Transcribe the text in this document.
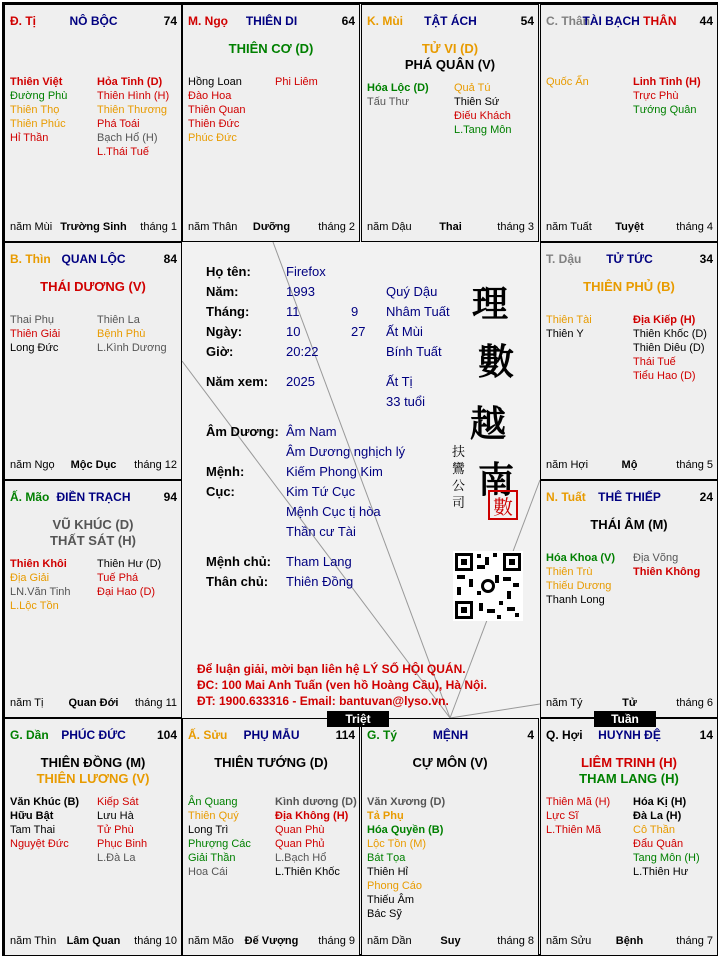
Đ. Tị	NÔ BỘC	74
Thiên Việt
Đường Phù
Thiên Thọ
Thiên Phúc
Hỉ Thần
Hỏa Tinh (D)
Thiên Hình (H)
Thiên Thương
Phá Toái
Bạch Hổ (H)
L.Thái Tuế
năm Mùi Trường Sinh	tháng 1
M. Ngọ	THIÊN DI	64
THIÊN CƠ (D)
Hồng Loan
Đào Hoa
Thiên Quan
Thiên Đức
Phúc Đức
Phi Liêm
năm Thân	Dưỡng	tháng 2
K. Mùi	TẬT ÁCH	54
TỬ VI (D)
PHÁ QUÂN (V)
Hóa Lộc (D)
Tấu Thư
Quả Tú
Thiên Sứ
Điếu Khách
L.Tang Môn
năm Dậu	Thai	tháng 3
C. Thân
TÀI BẠCH THÂN	44
Quốc Ấn	Linh Tinh (H)
Trực Phù
Tướng Quân
năm Tuất	Tuyệt	tháng 4
B. Thìn QUAN LỘC	84
THÁI DƯƠNG (V)
Thai Phụ
Thiên Giải
Long Đức
Thiên La
Bệnh Phù
L.Kình Dương
năm Ngọ	Mộc Dục	tháng 12
T. Dậu	TỬ TỨC	34
THIÊN PHỦ (B)
Thiên Tài
Thiên Y
Địa Kiếp (H)
Thiên Khốc (D)
Thiên Diêu (D)
Thái Tuế
Tiểu Hao (D)
năm Hợi	Mộ	tháng 5
Ấ. Mão ĐIỀN TRẠCH	94
VŨ KHÚC (D)
THẤT SÁT (H)
Thiên Khôi
Địa Giải
LN.Văn Tinh
L.Lộc Tồn
Thiên Hư (D)
Tuế Phá
Đại Hao (D)
năm Tị	Quan Đới	tháng 11
N. Tuất	THÊ THIẾP	24
THÁI ÂM (M)
Hóa Khoa (V)
Thiên Trù
Thiếu Dương
Thanh Long
Địa Võng
Thiên Không
năm Tý	Tử	tháng 6
G. Dần	PHÚC ĐỨC	104
THIÊN ĐỒNG (M)
THIÊN LƯƠNG (V)
Văn Khúc (B)
Hữu Bật
Tam Thai
Nguyệt Đức
Kiếp Sát
Lưu Hà
Tử Phù
Phục Binh
L.Đà La
năm Thìn Lâm Quan	tháng 10
Ấ. Sửu	PHỤ MẪU	114
THIÊN TƯỚNG (D)
Ân Quang
Thiên Quý
Long Trì
Phượng Các
Giải Thần
Hoa Cái
Kình dương (D)
Địa Không (H)
Quan Phù
Quan Phủ
L.Bạch Hổ
L.Thiên Khốc
năm Mão Đế Vượng	tháng 9
G. Tý	MỆNH	4
CỰ MÔN (V)
Văn Xương (D)
Tả Phụ
Hóa Quyền (B)
Lộc Tồn (M)
Bát Tọa
Thiên Hỉ
Phong Cáo
Thiếu Âm
Bác Sỹ
năm Dần	Suy	tháng 8
Q. Hợi	HUYNH ĐỆ	14
LIÊM TRINH (H)
THAM LANG (H)
Thiên Mã (H)
Lực Sĩ
L.Thiên Mã
Hóa Kị (H)
Đà La (H)
Cô Thần
Đẩu Quân
Tang Môn (H)
L.Thiên Hư
năm Sửu	Bệnh	tháng 7
Họ tên:	Firefox
Năm:	1993	Quý Dậu
Tháng:	11	9 Nhâm Tuất
Ngày:	10	27 Ất Mùi
Giờ:	20:22	Bính Tuất
Năm xem: 2025	Ất Tị
33 tuổi
Âm Dương: Âm Nam
Âm Dương nghịch lý
Mệnh:	Kiếm Phong Kim
Cục:	Kim Tứ Cục
Mệnh Cục tị hòa
Thần cư Tài
Mệnh chủ: Tham Lang
Thân chủ: Thiên Đồng
理
數
越
南
扶
鸞
公
司	數
Để luận giải, mời bạn liên hệ LÝ SỐ HỘI QUÁN.
ĐC: 100 Mai Anh Tuấn (ven hồ Hoàng Cầu), Hà Nội.
ĐT: 1900.633316 - Email: bantuvan@lyso.vn.
Triệt	Tuần
